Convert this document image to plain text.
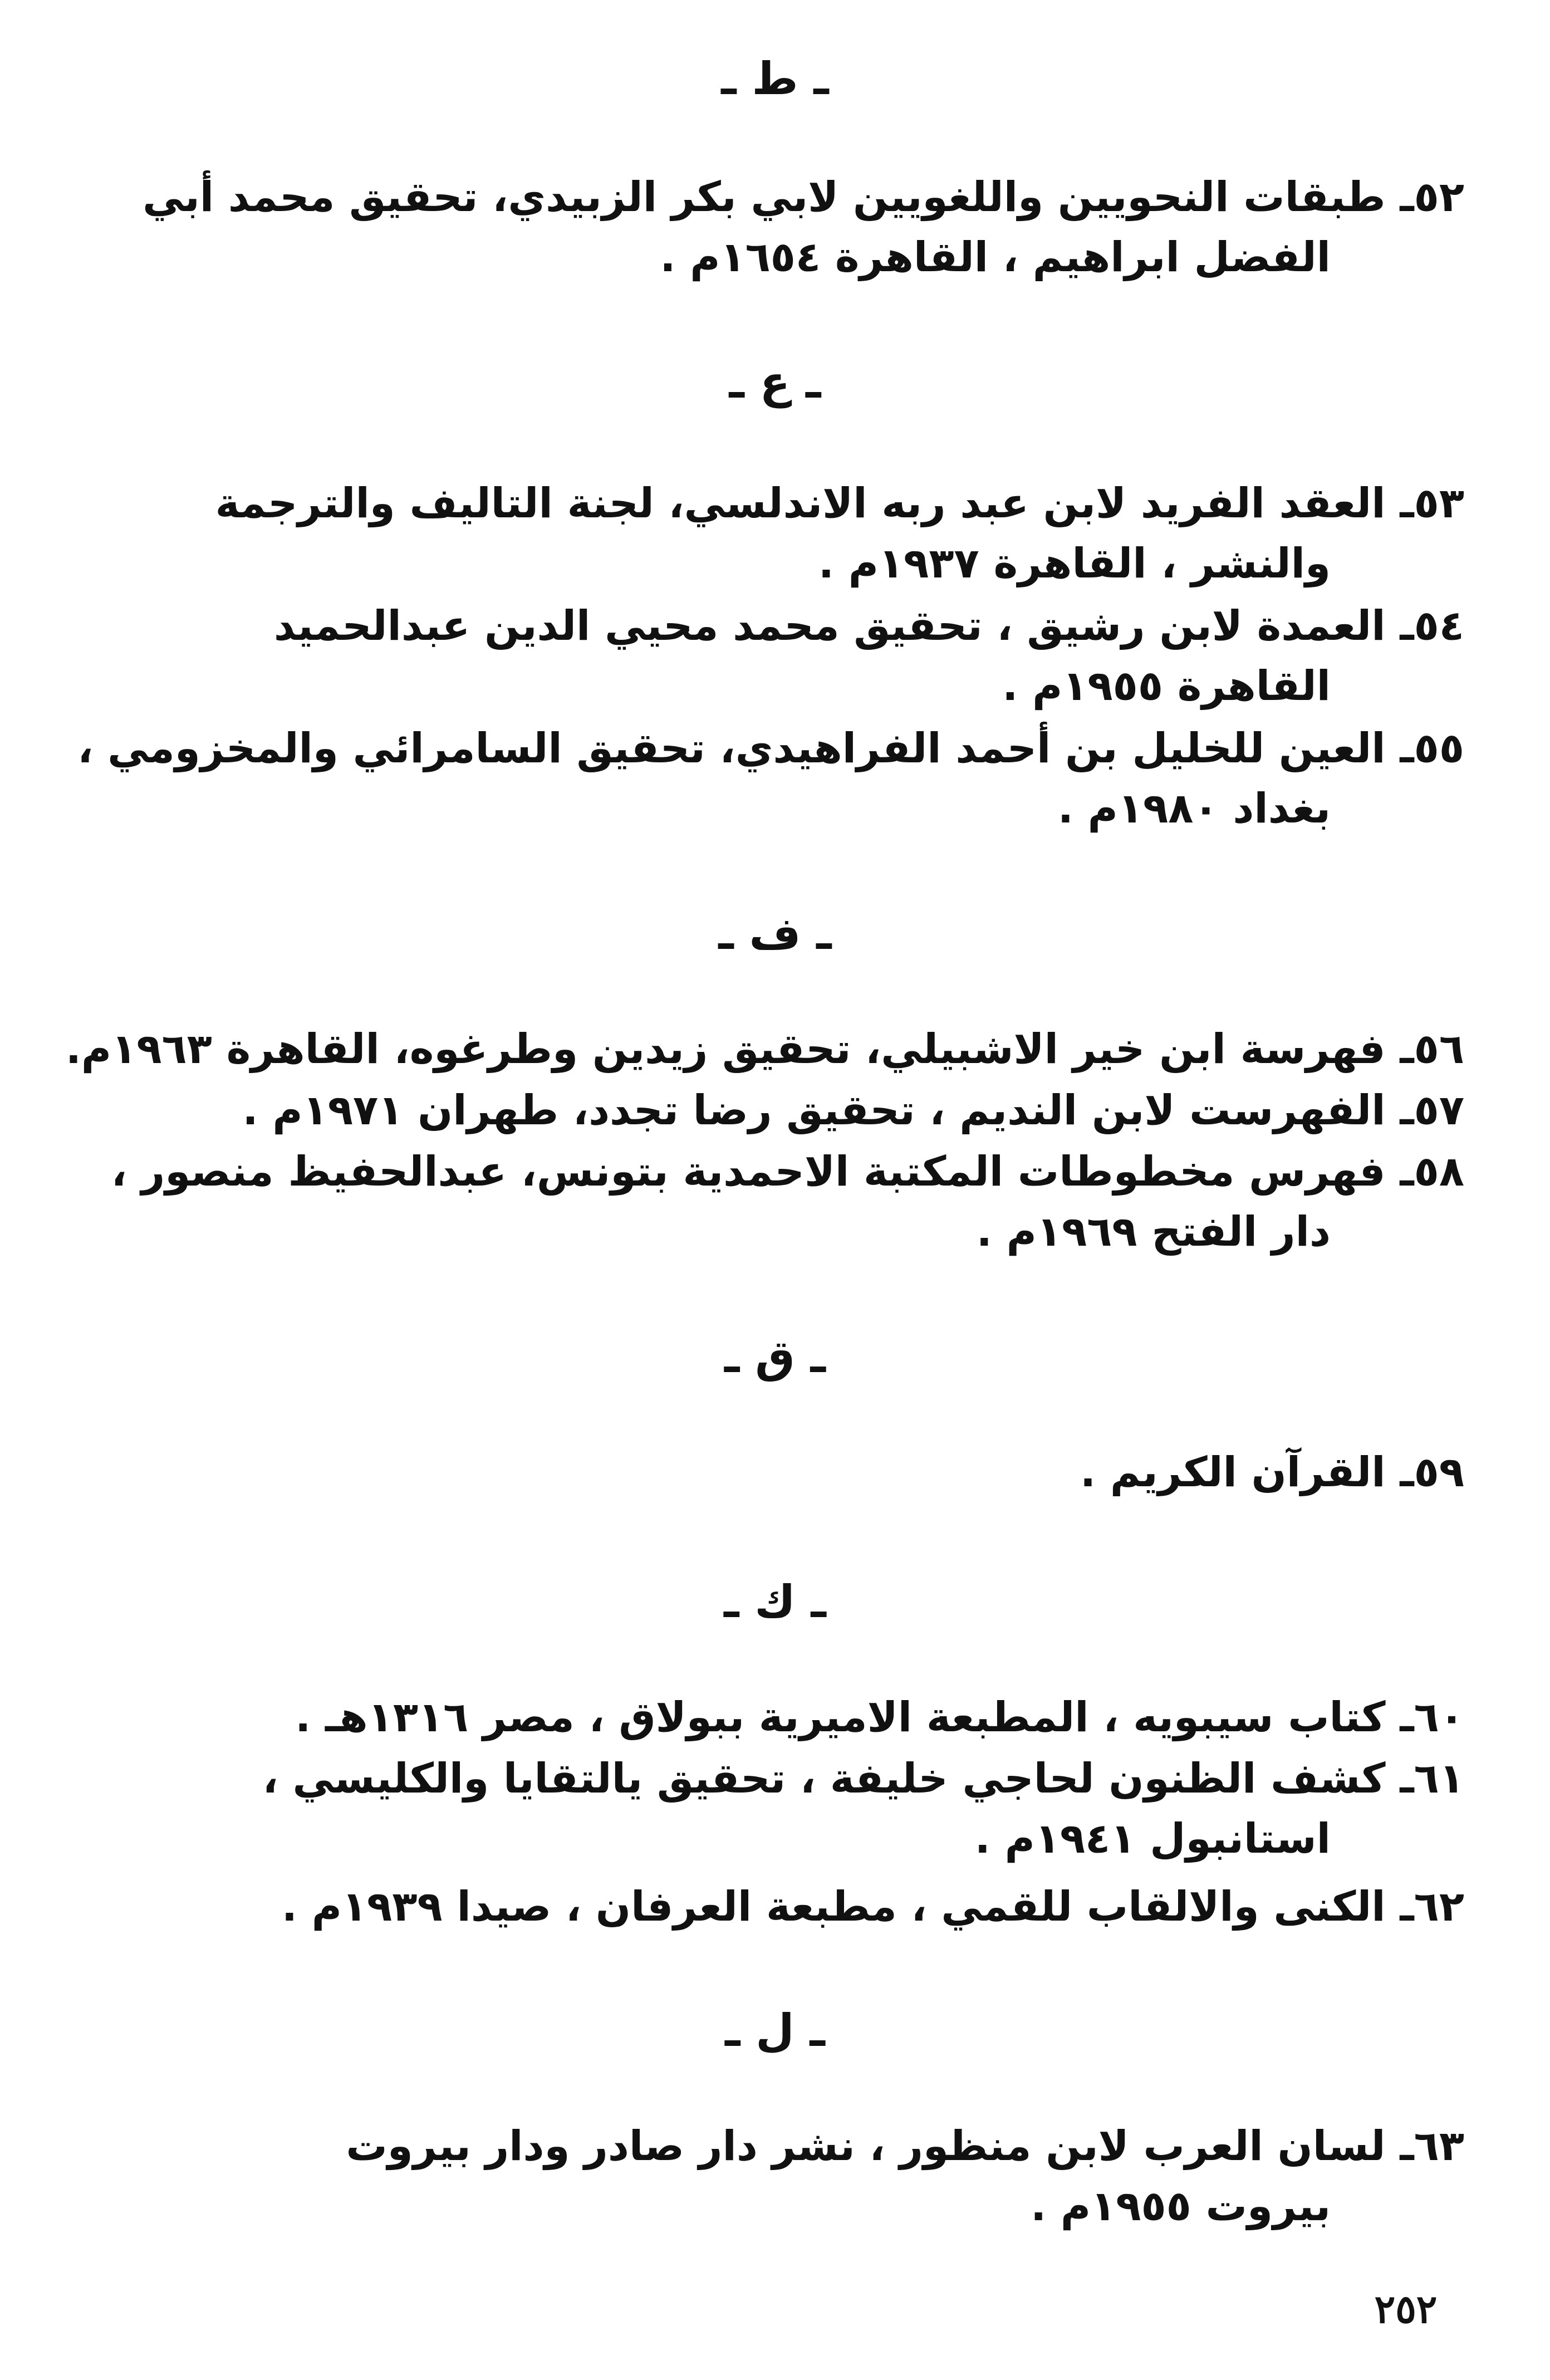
ـ ط ـ
٥٢ـ طبقات النحويين واللغويين لابي بكر الزبيدي، تحقيق محمد أبي
الفضل ابراهيم ، القاهرة ١٦٥٤م .
ـ ع ـ
٥٣ـ العقد الفريد لابن عبد ربه الاندلسي، لجنة التاليف والترجمة
والنشر ، القاهرة ١٩٣٧م .
٥٤ـ العمدة لابن رشيق ، تحقيق محمد محيي الدين عبدالحميد
القاهرة ١٩٥٥م .
٥٥ـ العين للخليل بن أحمد الفراهيدي، تحقيق السامرائي والمخزومي ،
بغداد ١٩٨٠م .
ـ ف ـ
٥٦ـ فهرسة ابن خير الاشبيلي، تحقيق زيدين وطرغوه، القاهرة ١٩٦٣م.
٥٧ـ الفهرست لابن النديم ، تحقيق رضا تجدد، طهران ١٩٧١م .
٥٨ـ فهرس مخطوطات المكتبة الاحمدية بتونس، عبدالحفيظ منصور ،
دار الفتح ١٩٦٩م .
ـ ق ـ
٥٩ـ القرآن الكريم .
ـ ك ـ
٦٠ـ كتاب سيبويه ، المطبعة الاميرية ببولاق ، مصر ١٣١٦هـ .
٦١ـ كشف الظنون لحاجي خليفة ، تحقيق يالتقايا والكليسي ،
استانبول ١٩٤١م .
٦٢ـ الكنى والالقاب للقمي ، مطبعة العرفان ، صيدا ١٩٣٩م .
ـ ل ـ
٦٣ـ لسان العرب لابن منظور ، نشر دار صادر ودار بيروت
بيروت ١٩٥٥م .
٢٥٢
